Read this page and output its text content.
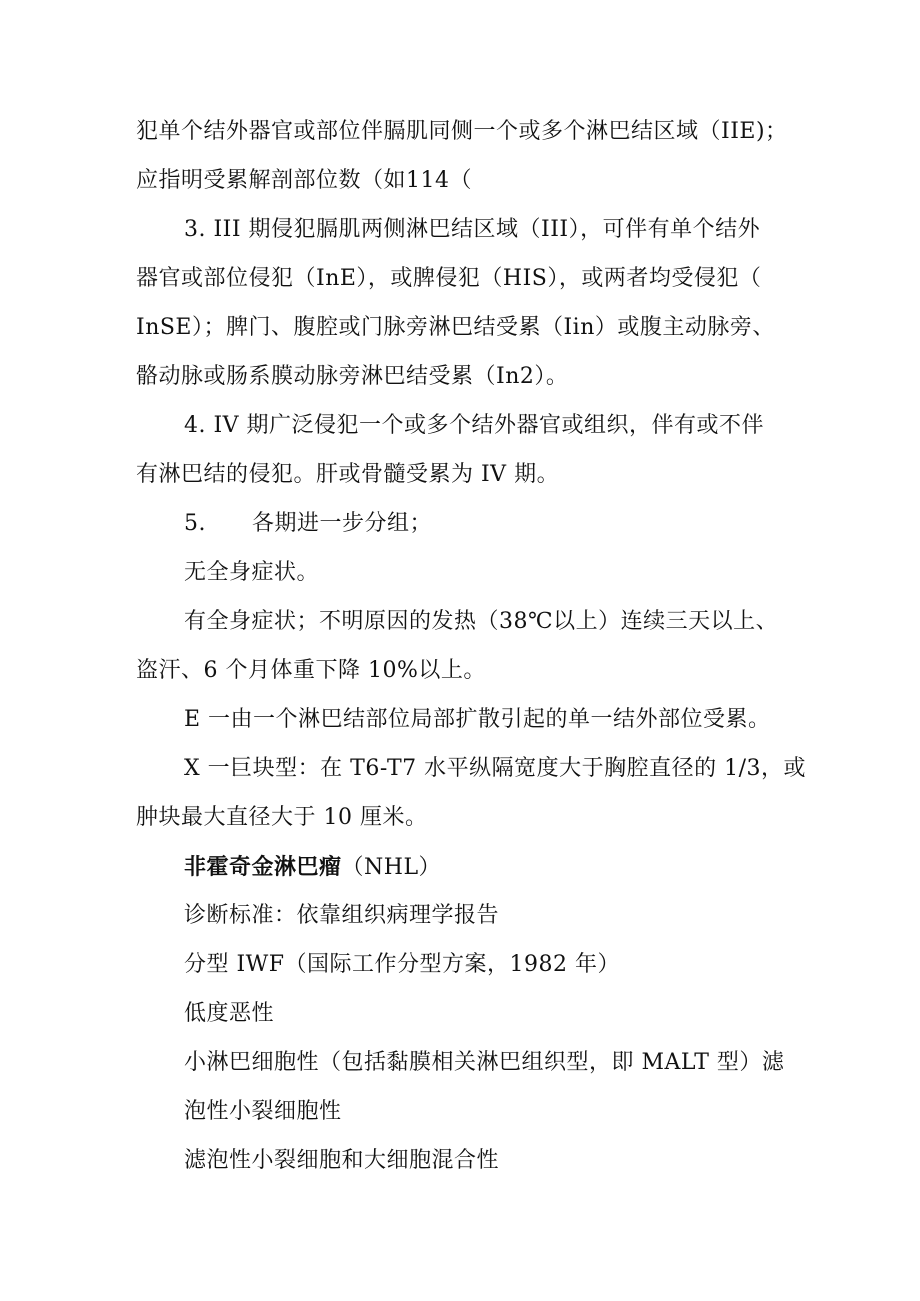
犯单个结外器官或部位伴膈肌同侧一个或多个淋巴结区域（IIE)；
应指明受累解剖部位数（如114（
3. III 期侵犯膈肌两侧淋巴结区域（III），可伴有单个结外
器官或部位侵犯（InE），或脾侵犯（HIS），或两者均受侵犯（
InSE）；脾门、腹腔或门脉旁淋巴结受累（Iin）或腹主动脉旁、
骼动脉或肠系膜动脉旁淋巴结受累（In2）。
4. IV 期广泛侵犯一个或多个结外器官或组织，伴有或不伴
有淋巴结的侵犯。肝或骨髓受累为 IV 期。
5. 各期进一步分组；
无全身症状。
有全身症状；不明原因的发热（38℃以上）连续三天以上、
盗汗、6 个月体重下降 10%以上。
E 一由一个淋巴结部位局部扩散引起的单一结外部位受累。
X 一巨块型：在 T6-T7 水平纵隔宽度大于胸腔直径的 1/3，或
肿块最大直径大于 10 厘米。
非霍奇金淋巴瘤（NHL）
诊断标准：依靠组织病理学报告
分型 IWF（国际工作分型方案，1982 年）
低度恶性
小淋巴细胞性（包括黏膜相关淋巴组织型，即 MALT 型）滤
泡性小裂细胞性
滤泡性小裂细胞和大细胞混合性
